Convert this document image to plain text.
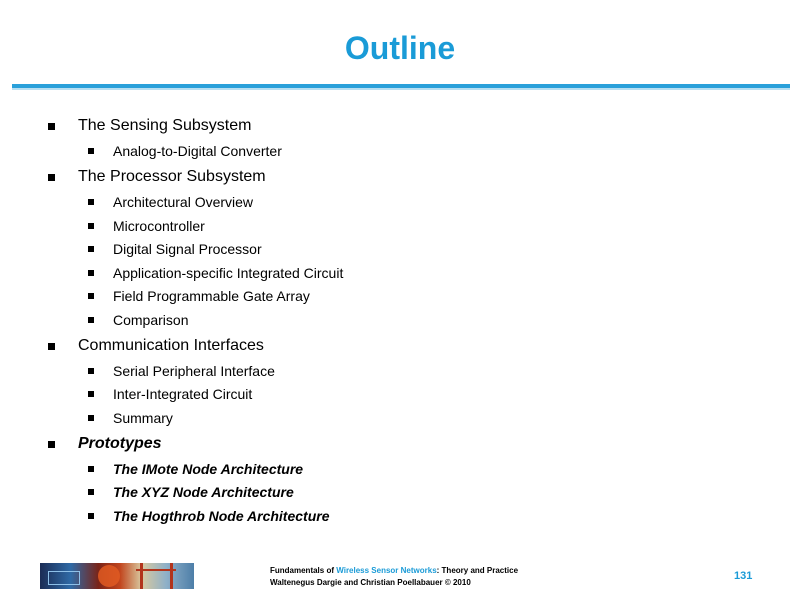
Outline
The Sensing Subsystem
Analog-to-Digital Converter
The Processor Subsystem
Architectural Overview
Microcontroller
Digital Signal Processor
Application-specific Integrated Circuit
Field Programmable Gate Array
Comparison
Communication Interfaces
Serial Peripheral Interface
Inter-Integrated Circuit
Summary
Prototypes
The IMote Node Architecture
The XYZ Node Architecture
The Hogthrob Node Architecture
Fundamentals of Wireless Sensor Networks: Theory and Practice
Waltenegus Dargie and Christian Poellabauer © 2010
131
